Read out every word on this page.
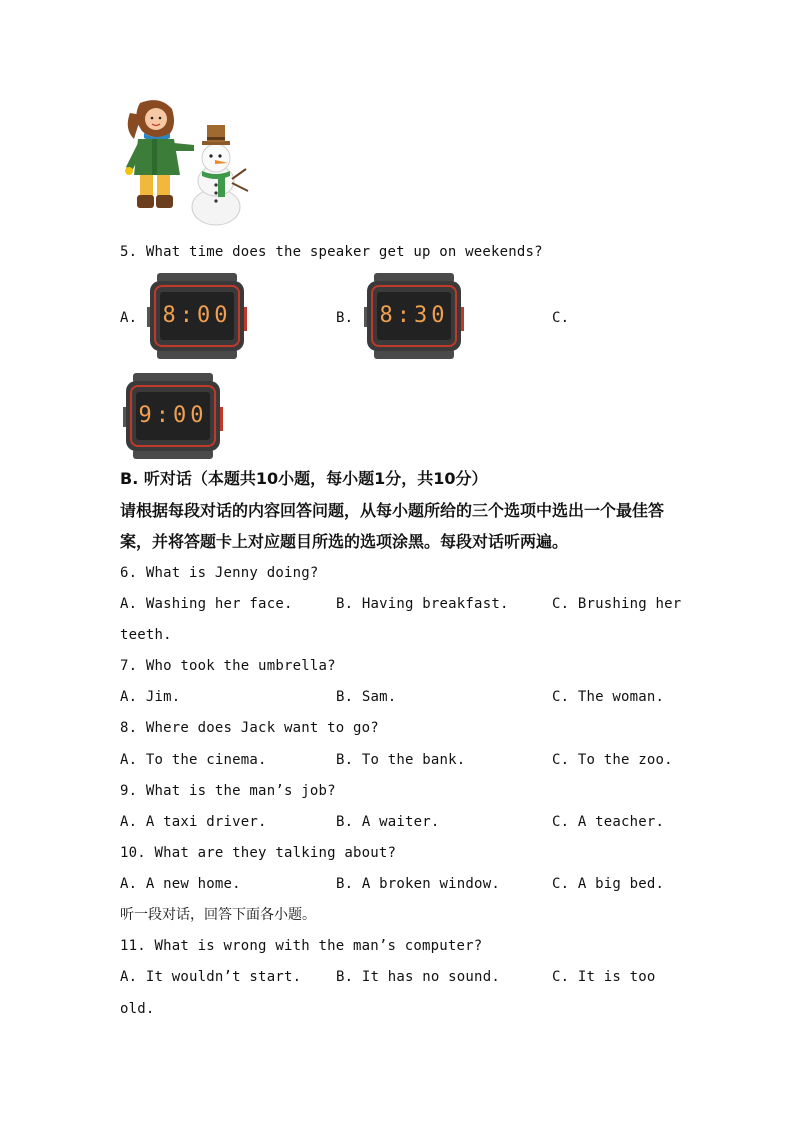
5. What time does the speaker get up on weekends?
A. 8:00	B. 8:30	C.
9:00
B. 听对话（本题共10小题，每小题1分，共10分）
请根据每段对话的内容回答问题，从每小题所给的三个选项中选出一个最佳答
案，并将答题卡上对应题目所选的选项涂黑。每段对话听两遍。
6. What is Jenny doing?
A. Washing her face.	B. Having breakfast.	C. Brushing her
teeth.
7. Who took the umbrella?
A. Jim.	B. Sam.	C. The woman.
8. Where does Jack want to go?
A. To the cinema.	B. To the bank.	C. To the zoo.
9. What is the man’s job?
A. A taxi driver.	B. A waiter.	C. A teacher.
10. What are they talking about?
A. A new home.	B. A broken window.	C. A big bed.
听一段对话，回答下面各小题。
11. What is wrong with the man’s computer?
A. It wouldn’t start. B. It has no sound.	C. It is too
old.
